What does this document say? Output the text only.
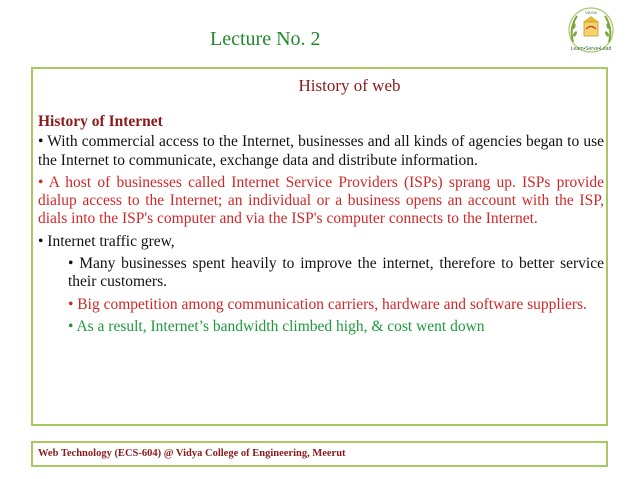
Lecture No. 2
VIDYA
Learn•Serve•Lead
History of web
History of Internet
• With commercial access to the Internet, businesses and all kinds of agencies began to use the Internet to communicate, exchange data and distribute information.
• A host of businesses called Internet Service Providers (ISPs) sprang up. ISPs provide dialup access to the Internet; an individual or a business opens an account with the ISP, dials into the ISP's computer and via the ISP's computer connects to the Internet.
• Internet traffic grew,
• Many businesses spent heavily to improve the internet, therefore to better service their customers.
• Big competition among communication carriers, hardware and software suppliers.
• As a result, Internet’s bandwidth climbed high, & cost went down
Web Technology (ECS-604) @ Vidya College of Engineering, Meerut
